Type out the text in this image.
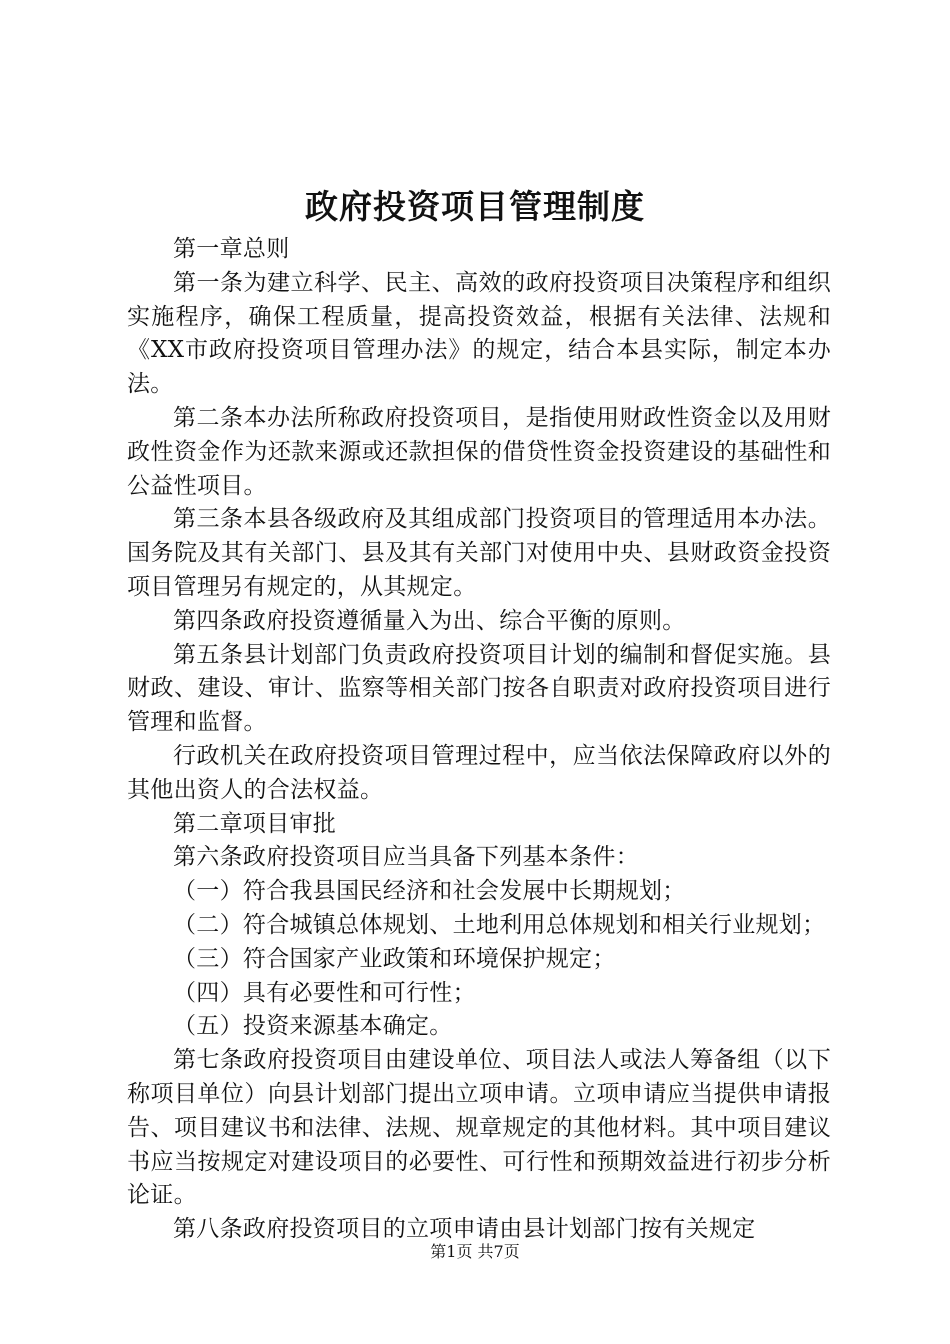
政府投资项目管理制度

第一章总则

第一条为建立科学、民主、高效的政府投资项目决策程序和组织实施程序，确保工程质量，提高投资效益，根据有关法律、法规和《XX市政府投资项目管理办法》的规定，结合本县实际，制定本办法。

第二条本办法所称政府投资项目，是指使用财政性资金以及用财政性资金作为还款来源或还款担保的借贷性资金投资建设的基础性和公益性项目。

第三条本县各级政府及其组成部门投资项目的管理适用本办法。国务院及其有关部门、县及其有关部门对使用中央、县财政资金投资项目管理另有规定的，从其规定。

第四条政府投资遵循量入为出、综合平衡的原则。

第五条县计划部门负责政府投资项目计划的编制和督促实施。县财政、建设、审计、监察等相关部门按各自职责对政府投资项目进行管理和监督。

行政机关在政府投资项目管理过程中，应当依法保障政府以外的其他出资人的合法权益。

第二章项目审批

第六条政府投资项目应当具备下列基本条件：

（一）符合我县国民经济和社会发展中长期规划；

（二）符合城镇总体规划、土地利用总体规划和相关行业规划；

（三）符合国家产业政策和环境保护规定；

（四）具有必要性和可行性；

（五）投资来源基本确定。

第七条政府投资项目由建设单位、项目法人或法人筹备组（以下称项目单位）向县计划部门提出立项申请。立项申请应当提供申请报告、项目建议书和法律、法规、规章规定的其他材料。其中项目建议书应当按规定对建设项目的必要性、可行性和预期效益进行初步分析论证。

第八条政府投资项目的立项申请由县计划部门按有关规定

第1页 共7页
